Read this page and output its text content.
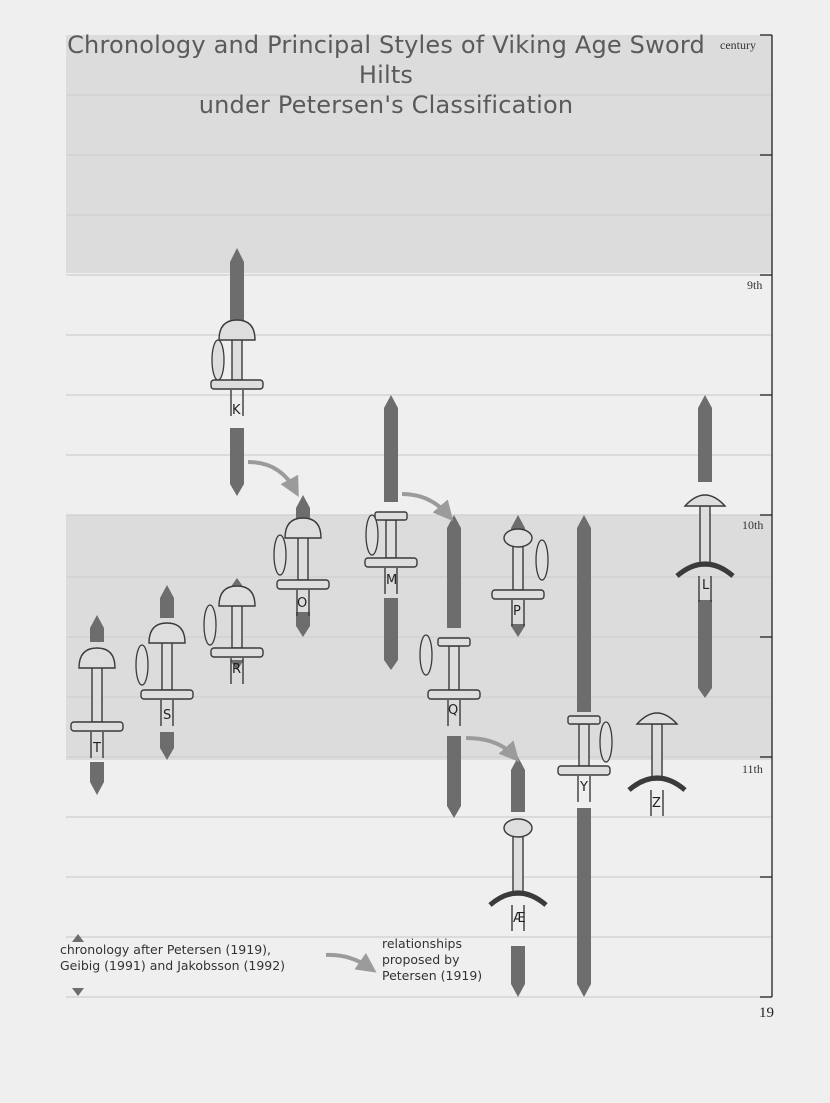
Chronology and Principal Styles of Viking Age Sword Hilts
under Petersen's Classification
century
9th
10th
11th
K
O
M	L
T
S
R
Q
P
Y
Z
Æ
chronology after Petersen (1919),
Geibig (1991) and Jakobsson (1992)
relationships
proposed by
Petersen (1919)
19
